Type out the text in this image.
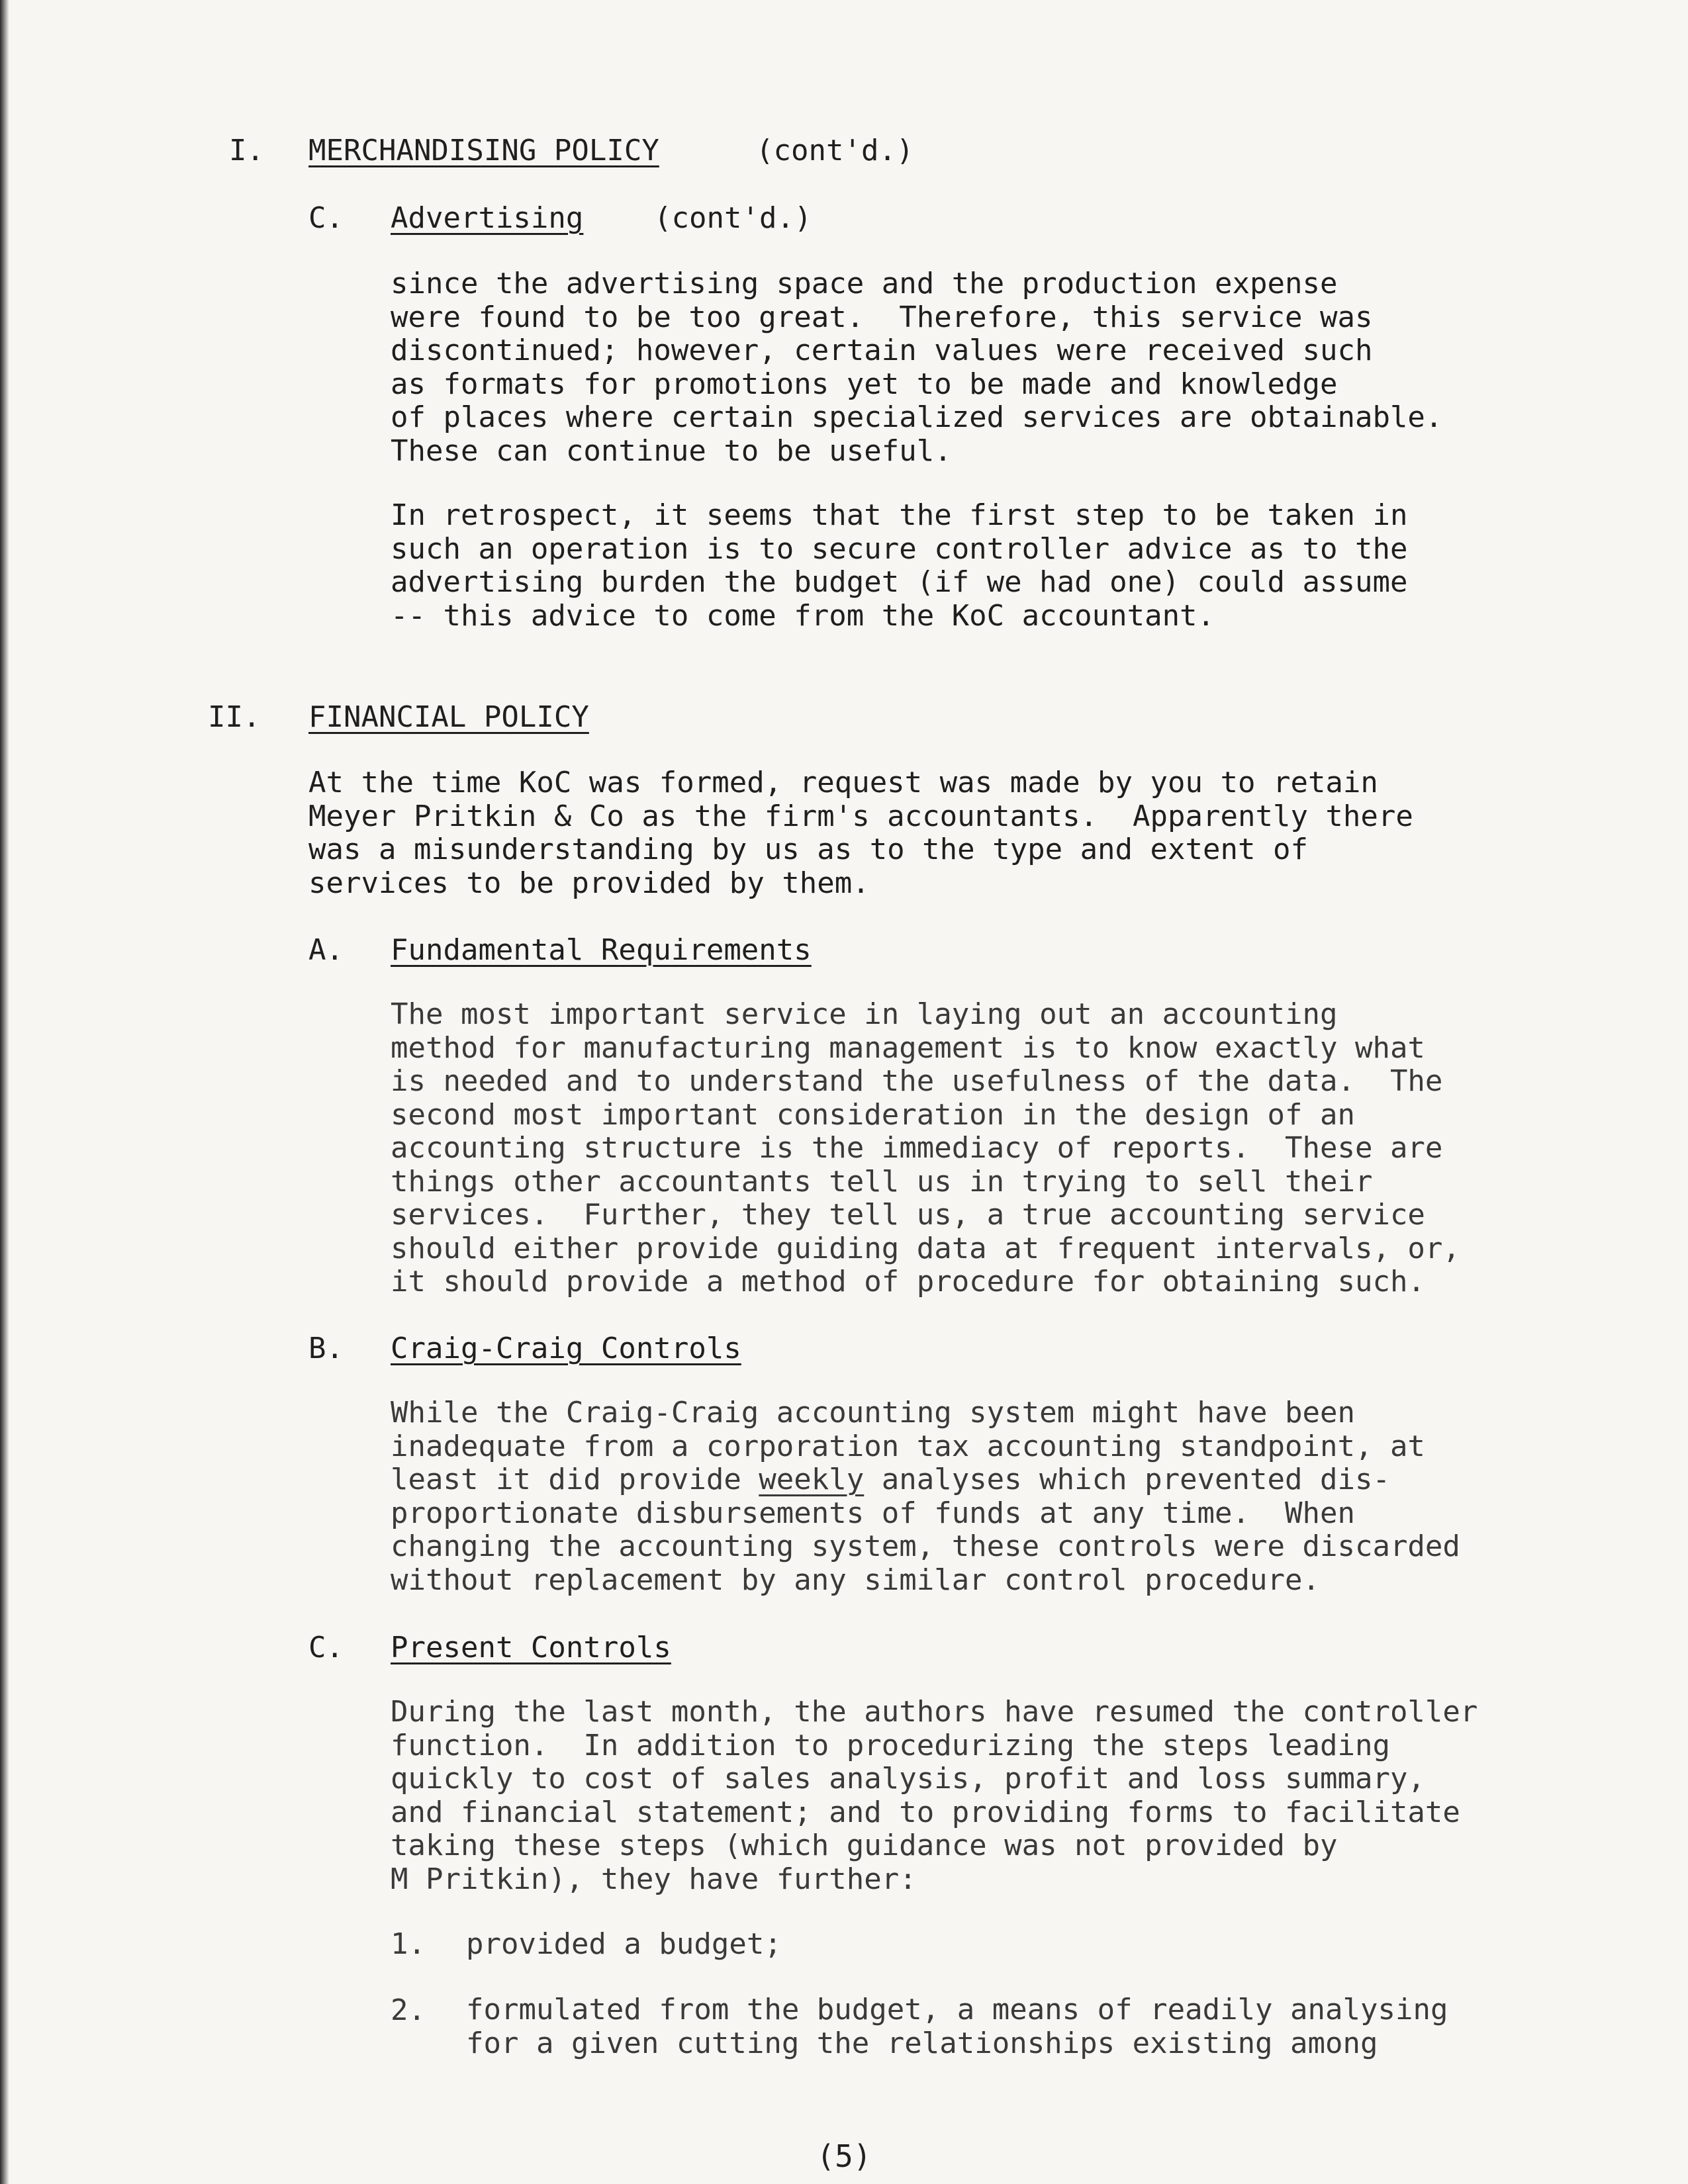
I. MERCHANDISING POLICY	(cont'd.)
C. Advertising (cont'd.)
since the advertising space and the production expense
were found to be too great.  Therefore, this service was
discontinued; however, certain values were received such
as formats for promotions yet to be made and knowledge
of places where certain specialized services are obtainable.
These can continue to be useful.
In retrospect, it seems that the first step to be taken in
such an operation is to secure controller advice as to the
advertising burden the budget (if we had one) could assume
-- this advice to come from the KoC accountant.
II. FINANCIAL POLICY
At the time KoC was formed, request was made by you to retain
Meyer Pritkin & Co as the firm's accountants.  Apparently there
was a misunderstanding by us as to the type and extent of
services to be provided by them.
A. Fundamental Requirements
The most important service in laying out an accounting
method for manufacturing management is to know exactly what
is needed and to understand the usefulness of the data.  The
second most important consideration in the design of an
accounting structure is the immediacy of reports.  These are
things other accountants tell us in trying to sell their
services.  Further, they tell us, a true accounting service
should either provide guiding data at frequent intervals, or,
it should provide a method of procedure for obtaining such.
B. Craig-Craig Controls
While the Craig-Craig accounting system might have been
inadequate from a corporation tax accounting standpoint, at
least it did provide weekly analyses which prevented dis-
proportionate disbursements of funds at any time.  When
changing the accounting system, these controls were discarded
without replacement by any similar control procedure.
C. Present Controls
During the last month, the authors have resumed the controller
function.  In addition to procedurizing the steps leading
quickly to cost of sales analysis, profit and loss summary,
and financial statement; and to providing forms to facilitate
taking these steps (which guidance was not provided by
M Pritkin), they have further:
1. provided a budget;
2. formulated from the budget, a means of readily analysing
for a given cutting the relationships existing among
(5)
